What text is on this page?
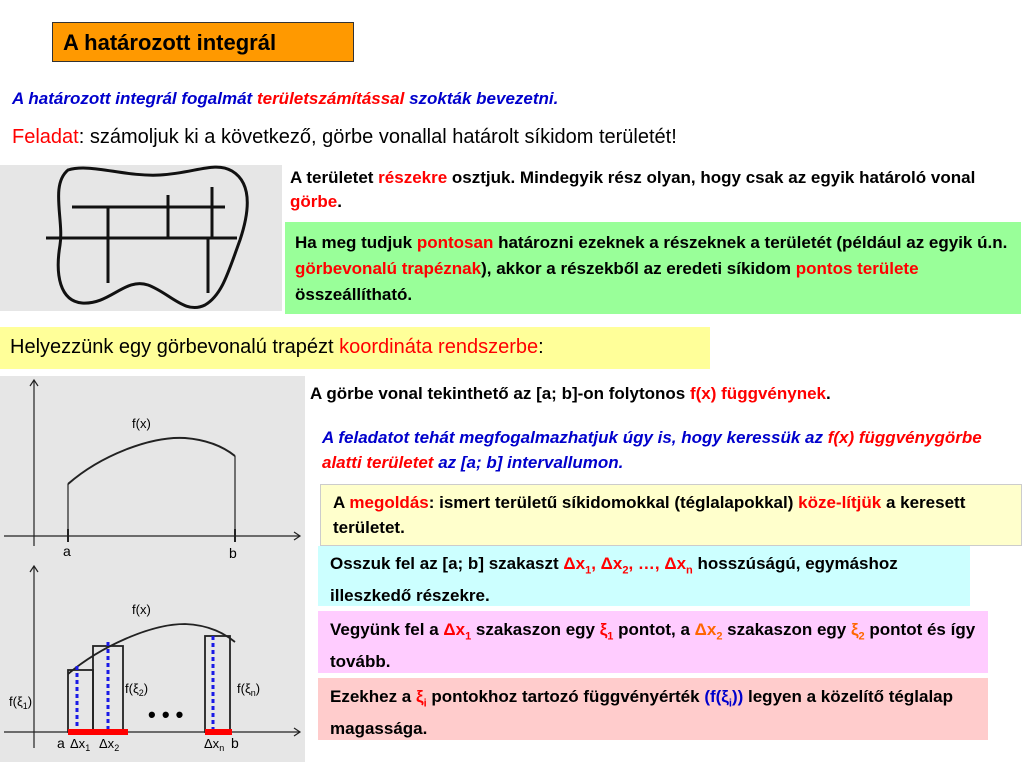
A határozott integrál
A határozott integrál fogalmát területszámítással szokták bevezetni.
Feladat: számoljuk ki a következő, görbe vonallal határolt síkidom területét!
A területet részekre osztjuk. Mindegyik rész olyan, hogy csak az egyik határoló vonal görbe.
Ha meg tudjuk pontosan határozni ezeknek a részeknek a területét (például az egyik ú.n. görbevonalú trapéznak), akkor a részekből az eredeti síkidom pontos területe összeállítható.
Helyezzünk egy görbevonalú trapézt koordináta rendszerbe:
f(x)
a	b
f(x)
$f(\xi_1)$
$f(\xi_2)$	$f(\xi_n)$
• • •
a $\Delta x_1$ $\Delta x_2$	$\Delta x_n$ b
A görbe vonal tekinthető az [a; b]-on folytonos f(x) függvénynek.
A feladatot tehát megfogalmazhatjuk úgy is, hogy keressük az f(x) függvénygörbe alatti területet az [a; b] intervallumon.
A megoldás: ismert területű síkidomokkal (téglalapokkal) köze-lítjük a keresett területet.
Osszuk fel az [a; b] szakaszt $\Delta x_1$, $\Delta x_2$, …, $\Delta x_n$ hosszúságú, egymáshoz illeszkedő részekre.
Vegyünk fel a $\Delta x_1$ szakaszon egy $\xi_1$ pontot, a $\Delta x_2$ szakaszon egy $\xi_2$ pontot és így tovább.
Ezekhez a $\xi_i$ pontokhoz tartozó függvényérték $(f(\xi_i))$ legyen a közelítő téglalap magassága.
